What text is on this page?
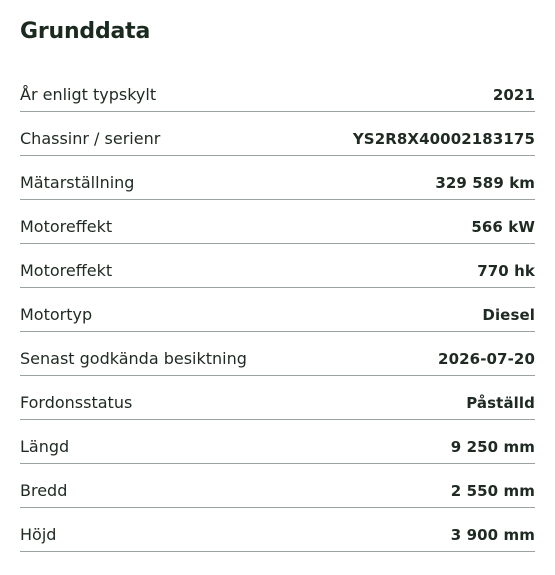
Grunddata
År enligt typskylt	2021
Chassinr / serienr	YS2R8X40002183175
Mätarställning	329 589 km
Motoreffekt	566 kW
Motoreffekt	770 hk
Motortyp	Diesel
Senast godkända besiktning	2026-07-20
Fordonsstatus	Påställd
Längd	9 250 mm
Bredd	2 550 mm
Höjd	3 900 mm
